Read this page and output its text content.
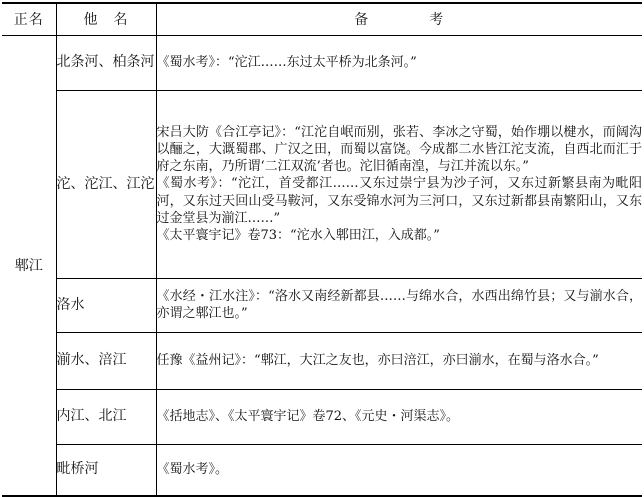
正名	他　名	备　　　　考
郫江	北条河、柏条河	《蜀水考》：“沱江……东过太平桥为北条河。”

	沱、沱江、江沱	宋吕大防《合江亭记》：“江沱自岷而别，张若、李冰之守蜀，始作堋以楗水，而阔沟以酾之，大溉蜀郡、广汉之田，而蜀以富饶。今成都二水皆江沱支流，自西北而汇于府之东南，乃所谓‘二江双流’者也。沱旧循南湟，与江并流以东。”
《蜀水考》：“沱江，首受都江……又东过崇宁县为沙子河，又东过新繁县南为毗阳河，又东过天回山受马鞍河，又东受锦水河为三河口，又东过新都县南繁阳山，又东过金堂县为湔江……”
《太平寰宇记》卷73：“沱水入郫田江，入成都。”

	洛水	《水经・江水注》：“洛水又南经新都县……与绵水合，水西出绵竹县；又与湔水合，亦谓之郫江也。”

	湔水、涪江	任豫《益州记》：“郫江，大江之友也，亦曰涪江，亦曰湔水，在蜀与洛水合。”

	内江、北江	《括地志》、《太平寰宇记》卷72、《元史・河渠志》。

	毗桥河	《蜀水考》。
